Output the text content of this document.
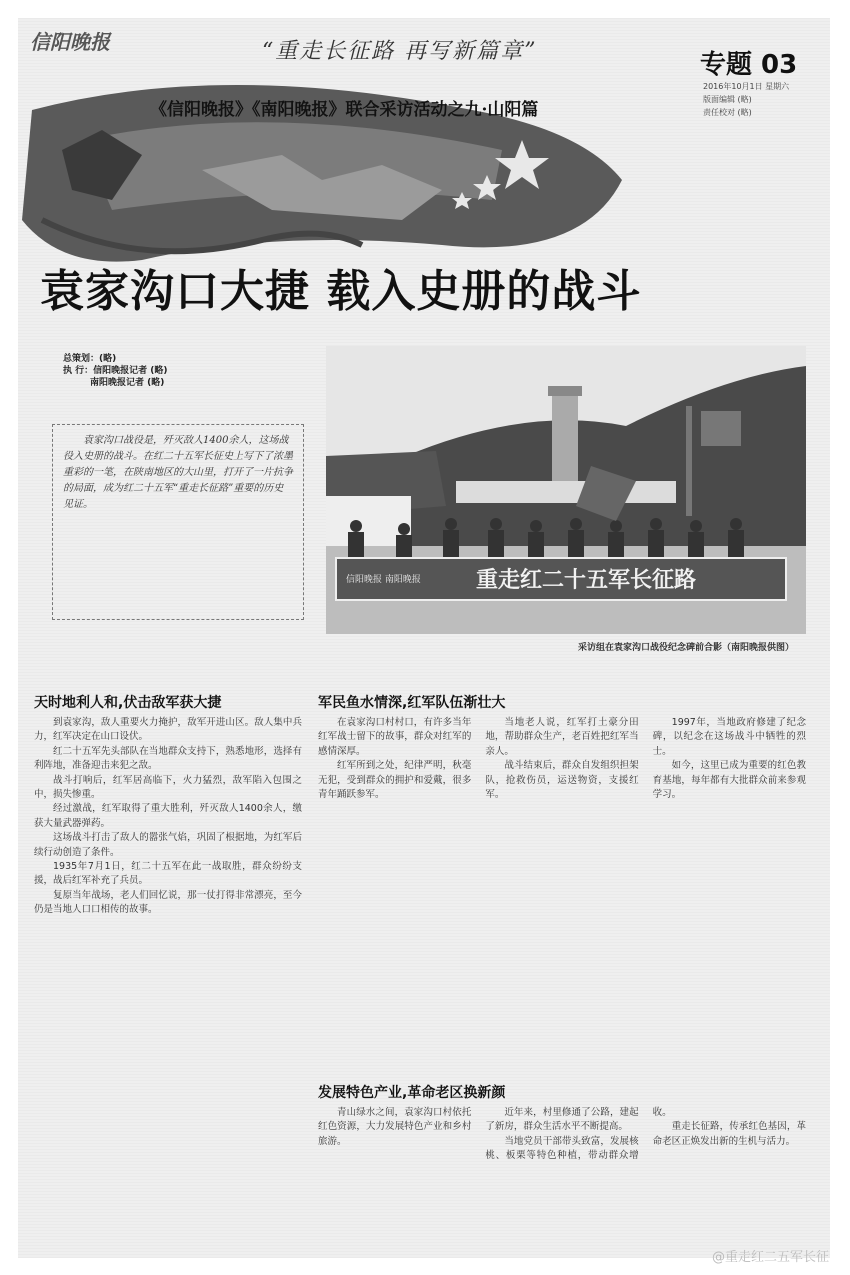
信阳晚报	“重走长征路 再写新篇章”	专题 03
2016年10月1日 星期六
版面编辑 (略)
责任校对 (略)
《信阳晚报》《南阳晚报》联合采访活动之九·山阳篇
袁家沟口大捷 载入史册的战斗
总策划：(略)
执 行：信阳晚报记者 (略)
南阳晚报记者 (略)
袁家沟口战役是，歼灭敌人1400余人，这场战役入史册的战斗。在红二十五军长征史上写下了浓墨重彩的一笔，在陕南地区的大山里，打开了一片抗争的局面，成为红二十五军“重走长征路”重要的历史见证。
信阳晚报 南阳晚报	重走红二十五军长征路
采访组在袁家沟口战役纪念碑前合影（南阳晚报供图）
天时地利人和,伏击敌军获大捷

到袁家沟，敌人重要火力掩护，敌军开进山区。敌人集中兵力，红军决定在山口设伏。

红二十五军先头部队在当地群众支持下，熟悉地形，选择有利阵地，准备迎击来犯之敌。

战斗打响后，红军居高临下，火力猛烈，敌军陷入包围之中，损失惨重。

经过激战，红军取得了重大胜利，歼灭敌人1400余人，缴获大量武器弹药。

这场战斗打击了敌人的嚣张气焰，巩固了根据地，为红军后续行动创造了条件。

1935年7月1日，红二十五军在此一战取胜，群众纷纷支援，战后红军补充了兵员。

复原当年战场，老人们回忆说，那一仗打得非常漂亮，至今仍是当地人口口相传的故事。

军民鱼水情深,红军队伍渐壮大

在袁家沟口村村口，有许多当年红军战士留下的故事，群众对红军的感情深厚。

红军所到之处，纪律严明，秋毫无犯，受到群众的拥护和爱戴，很多青年踊跃参军。

当地老人说，红军打土豪分田地，帮助群众生产，老百姓把红军当亲人。

战斗结束后，群众自发组织担架队，抢救伤员，运送物资，支援红军。

1997年，当地政府修建了纪念碑，以纪念在这场战斗中牺牲的烈士。

如今，这里已成为重要的红色教育基地，每年都有大批群众前来参观学习。

发展特色产业,革命老区换新颜

青山绿水之间，袁家沟口村依托红色资源，大力发展特色产业和乡村旅游。

近年来，村里修通了公路，建起了新房，群众生活水平不断提高。

当地党员干部带头致富，发展核桃、板栗等特色种植，带动群众增收。

重走长征路，传承红色基因，革命老区正焕发出新的生机与活力。

@重走红二五军长征
